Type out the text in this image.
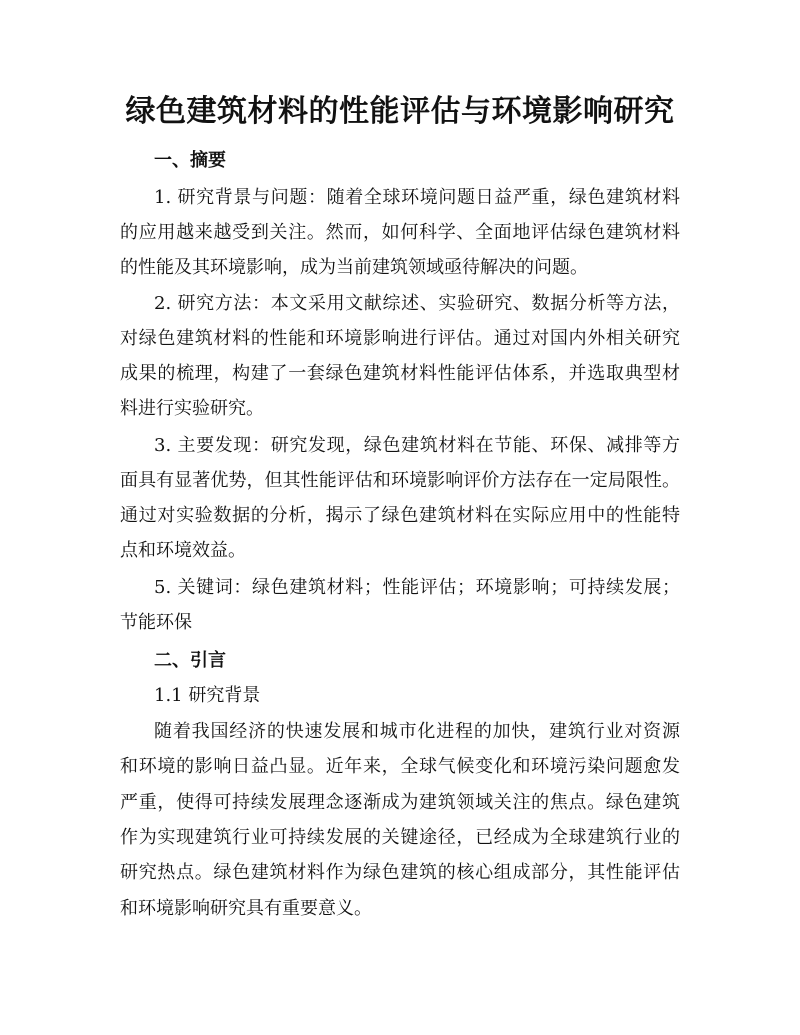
绿色建筑材料的性能评估与环境影响研究

一、摘要

1. 研究背景与问题：随着全球环境问题日益严重，绿色建筑材料

的应用越来越受到关注。然而，如何科学、全面地评估绿色建筑材料

的性能及其环境影响，成为当前建筑领域亟待解决的问题。

2. 研究方法：本文采用文献综述、实验研究、数据分析等方法，

对绿色建筑材料的性能和环境影响进行评估。通过对国内外相关研究

成果的梳理，构建了一套绿色建筑材料性能评估体系，并选取典型材

料进行实验研究。

3. 主要发现：研究发现，绿色建筑材料在节能、环保、减排等方

面具有显著优势，但其性能评估和环境影响评价方法存在一定局限性。

通过对实验数据的分析，揭示了绿色建筑材料在实际应用中的性能特

点和环境效益。

5. 关键词：绿色建筑材料；性能评估；环境影响；可持续发展；

节能环保

二、引言

1.1 研究背景

随着我国经济的快速发展和城市化进程的加快，建筑行业对资源

和环境的影响日益凸显。近年来，全球气候变化和环境污染问题愈发

严重，使得可持续发展理念逐渐成为建筑领域关注的焦点。绿色建筑

作为实现建筑行业可持续发展的关键途径，已经成为全球建筑行业的

研究热点。绿色建筑材料作为绿色建筑的核心组成部分，其性能评估

和环境影响研究具有重要意义。
